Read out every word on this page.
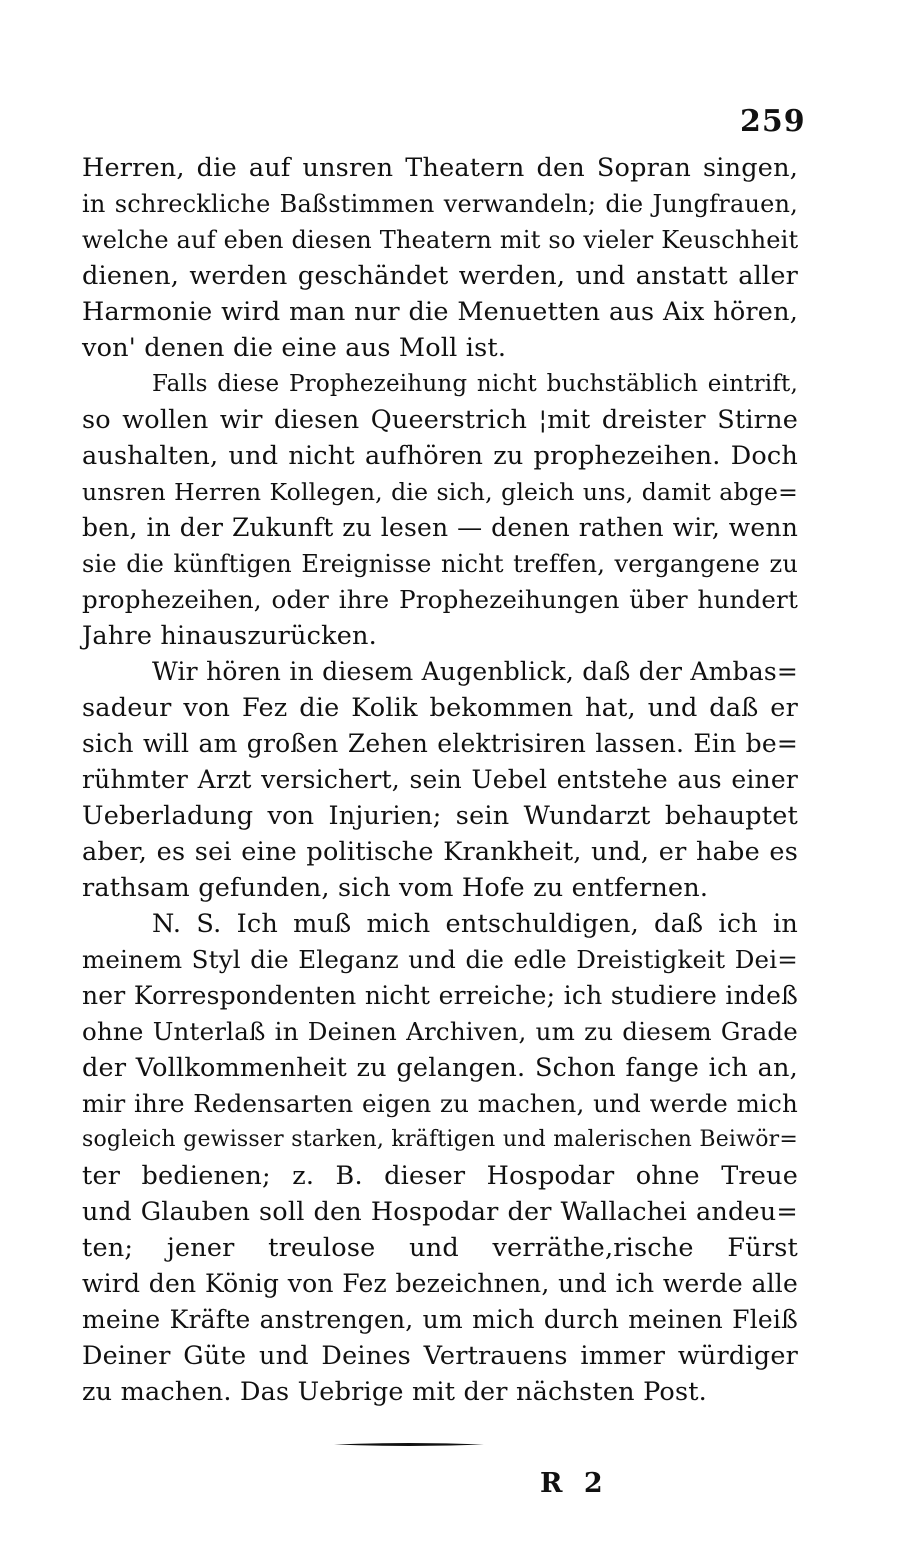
259
Herren, die auf unsren Theatern den Sopran singen,
in schreckliche Baßstimmen verwandeln; die Jungfrauen,
welche auf eben diesen Theatern mit so vieler Keuschheit
dienen, werden geschändet werden, und anstatt aller
Harmonie wird man nur die Menuetten aus Aix hören,
von' denen die eine aus Moll ist.
Falls diese Prophezeihung nicht buchstäblich eintrift,
so wollen wir diesen Queerstrich ¦mit dreister Stirne
aushalten, und nicht aufhören zu prophezeihen. Doch
unsren Herren Kollegen, die sich, gleich uns, damit abge=
ben, in der Zukunft zu lesen — denen rathen wir, wenn
sie die künftigen Ereignisse nicht treffen, vergangene zu
prophezeihen, oder ihre Prophezeihungen über hundert
Jahre hinauszurücken.
Wir hören in diesem Augenblick, daß der Ambas=
sadeur von Fez die Kolik bekommen hat, und daß er
sich will am großen Zehen elektrisiren lassen. Ein be=
rühmter Arzt versichert, sein Uebel entstehe aus einer
Ueberladung von Injurien; sein Wundarzt behauptet
aber, es sei eine politische Krankheit, und, er habe es
rathsam gefunden, sich vom Hofe zu entfernen.
N. S. Ich muß mich entschuldigen, daß ich in
meinem Styl die Eleganz und die edle Dreistigkeit Dei=
ner Korrespondenten nicht erreiche; ich studiere indeß
ohne Unterlaß in Deinen Archiven, um zu diesem Grade
der Vollkommenheit zu gelangen. Schon fange ich an,
mir ihre Redensarten eigen zu machen, und werde mich
sogleich gewisser starken, kräftigen und malerischen Beiwör=
ter bedienen; z. B. dieser Hospodar ohne Treue
und Glauben soll den Hospodar der Wallachei andeu=
ten; jener treulose und verräthe,rische Fürst
wird den König von Fez bezeichnen, und ich werde alle
meine Kräfte anstrengen, um mich durch meinen Fleiß
Deiner Güte und Deines Vertrauens immer würdiger
zu machen. Das Uebrige mit der nächsten Post.
R 2
